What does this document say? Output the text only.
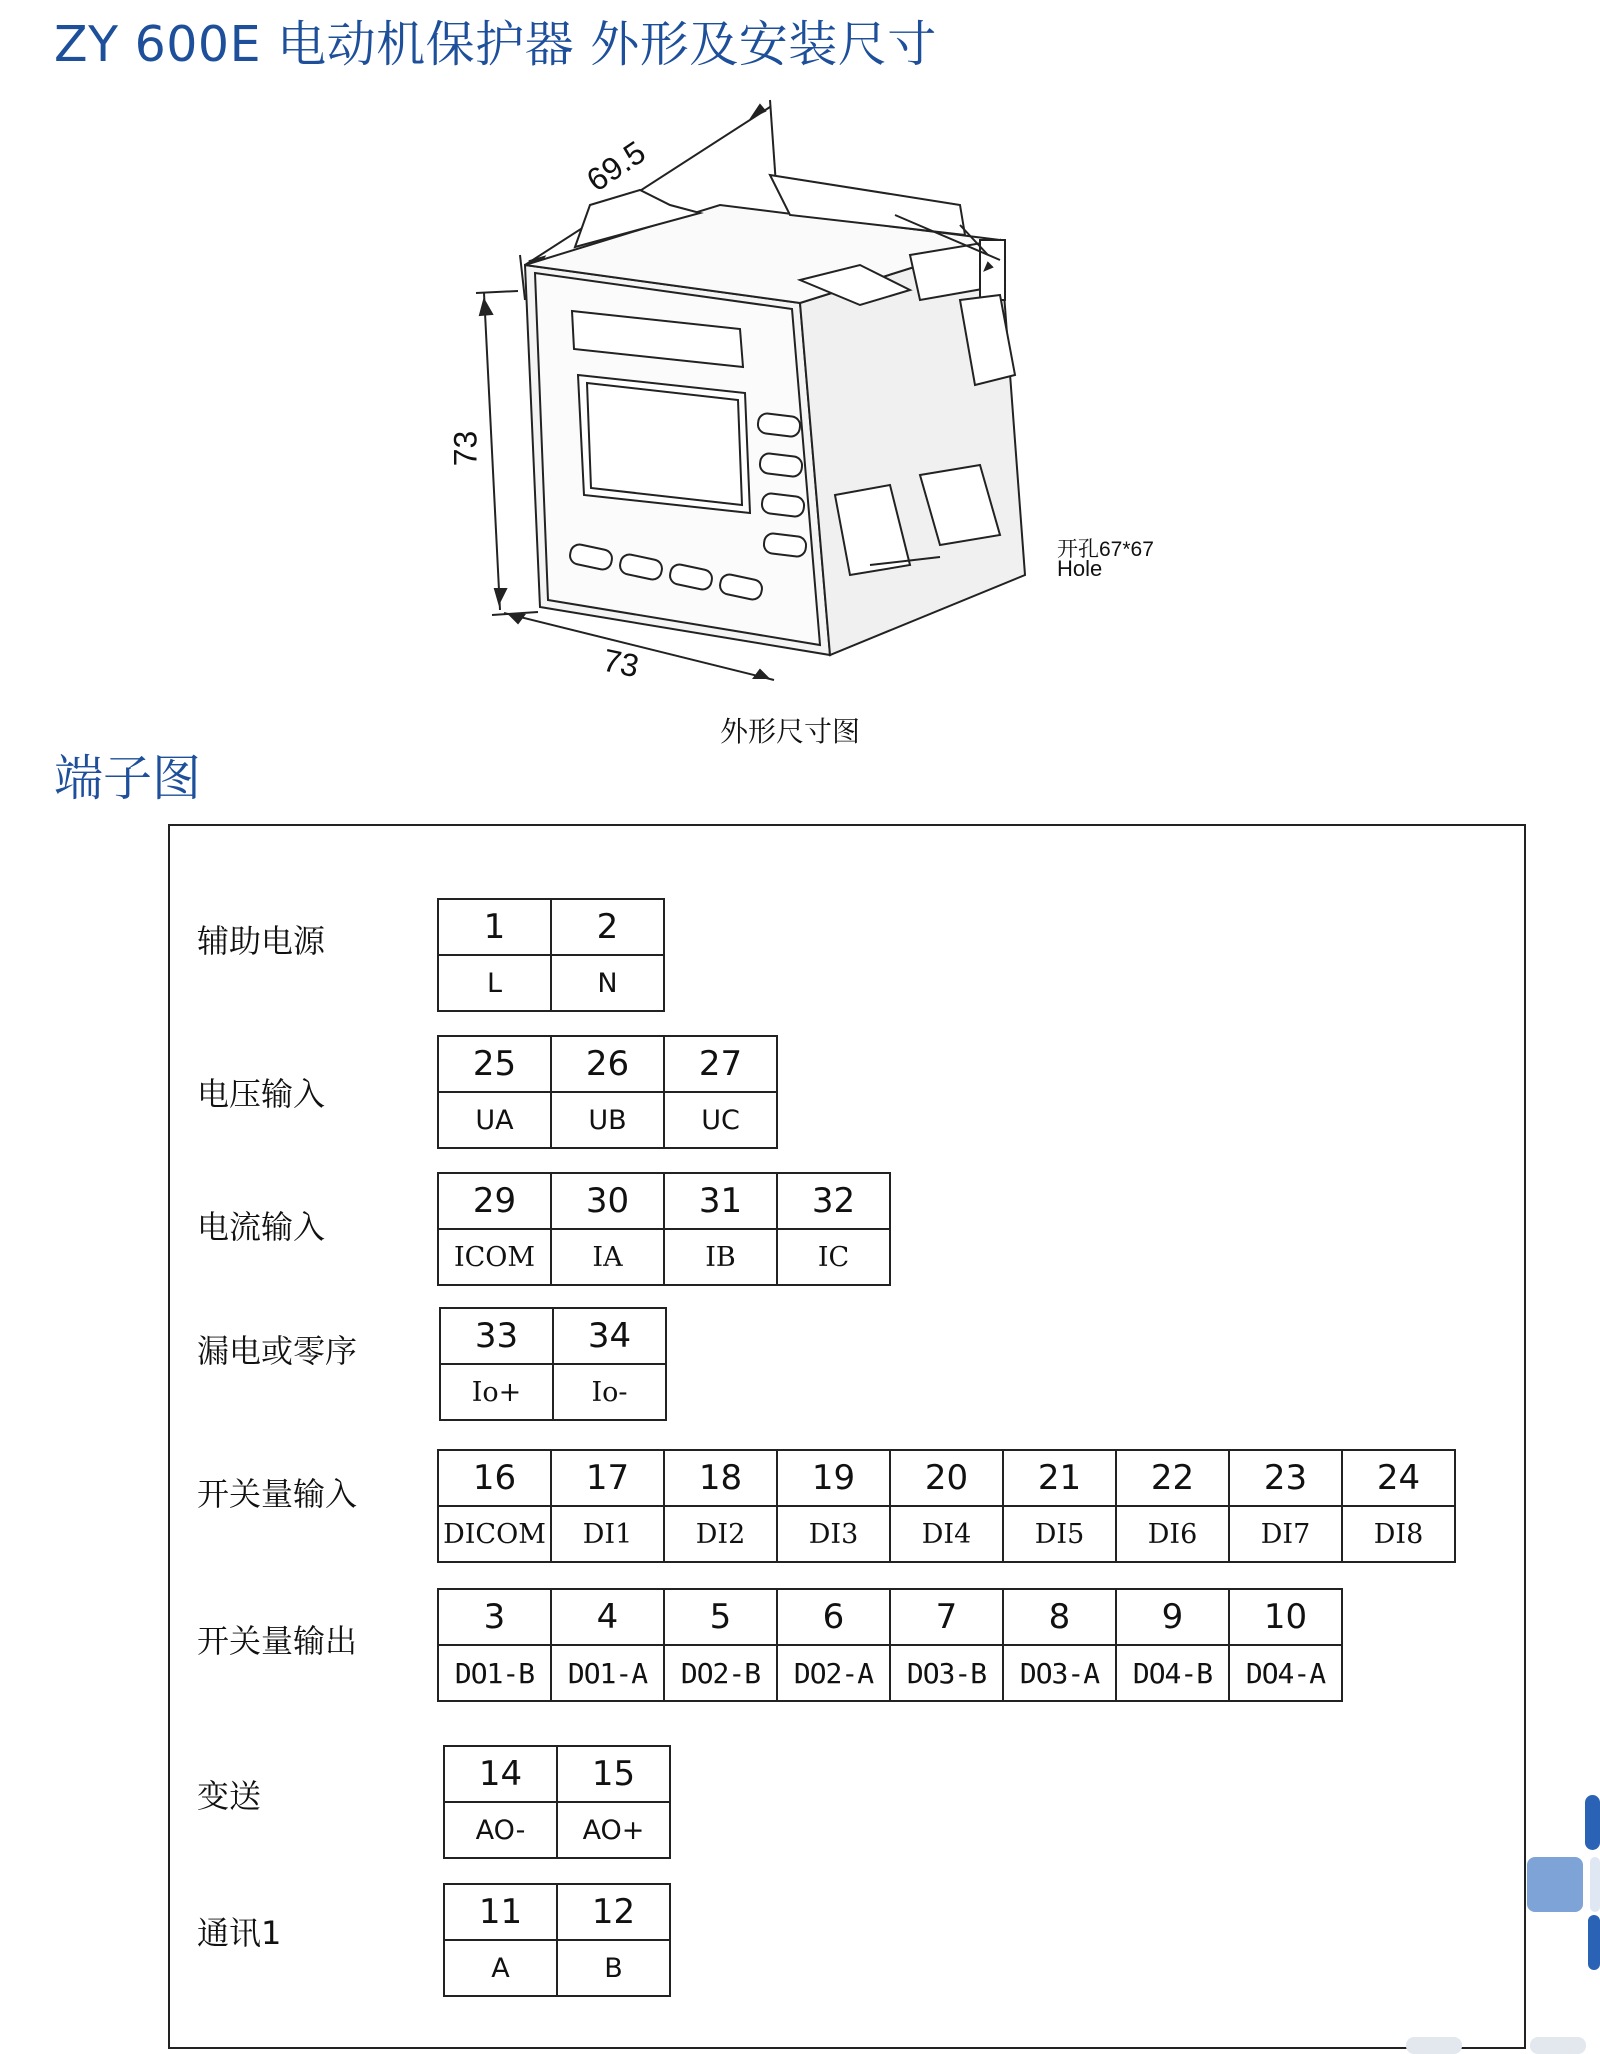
ZY 600E 电动机保护器 外形及安装尺寸
69.5
73
73
开孔67*67
Hole
外形尺寸图
端子图
辅助电源	1	2
L	N
电压输入
25	26	27
UA	UB	UC
电流输入
29	30	31	32
ICOM	IA	IB	IC
漏电或零序	33	34
Io+	Io-
开关量输入	16	17	18	19	20	21	22	23	24
DICOM	DI1	DI2	DI3	DI4	DI5	DI6	DI7	DI8
开关量输出
3	4	5	6	7	8	9	10
DO1-B	DO1-A	DO2-B	DO2-A	DO3-B	DO3-A	DO4-B	DO4-A
变送
14	15
AO-	AO+
通讯1
11	12
A	B
